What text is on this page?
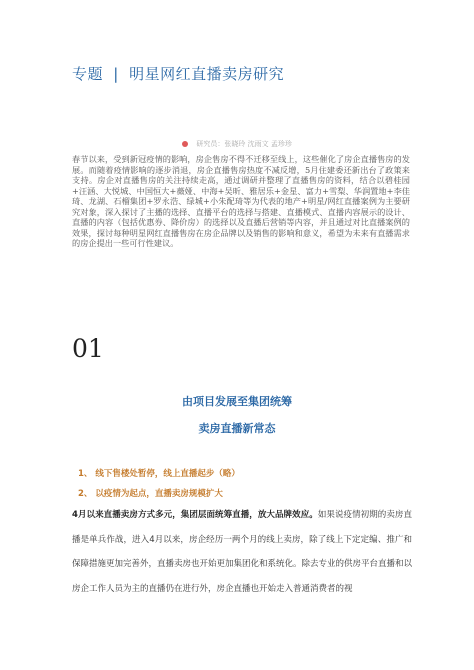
专题 | 明星网红直播卖房研究
研究员：张晓玲 沈雨文 孟珍珍

春节以来，受到新冠疫情的影响，房企售房不得不迁移至线上，这些催化了房企直播售房的发展。而随着疫情影响的逐步消退，房企直播售房热度不减反增，5月住建委还新出台了政策来支持。房企对直播售房的关注持续走高，通过调研并整理了直播售房的资料，结合以碧桂园+汪涵、大悦城、中国恒大+薇娅、中海+吴昕、雅居乐+金星、富力+雪梨、华润置地+李佳琦、龙湖、石榴集团+罗永浩、绿城+小朱配琦等为代表的地产+明星/网红直播案例为主要研究对象，深入探讨了主播的选择、直播平台的选择与搭建、直播模式、直播内容展示的设计、直播的内容（包括优惠券、降价房）的选择以及直播后营销等内容，并且通过对比直播案例的效果，探讨每种明星网红直播售房在房企品牌以及销售的影响和意义，希望为未来有直播需求的房企提出一些可行性建议。

01
由项目发展至集团统筹
卖房直播新常态
1、 线下售楼处暂停，线上直播起步（略）
2、 以疫情为起点，直播卖房规模扩大

4月以来直播卖房方式多元，集团层面统筹直播，放大品牌效应。如果说疫情初期的卖房直播是单兵作战，进入4月以来，房企经历一两个月的线上卖房，除了线上下定定编、推广和保障措施更加完善外，直播卖房也开始更加集团化和系统化。除去专业的供房平台直播和以房企工作人员为主的直播仍在进行外，房企直播也开始走入普通消费者的视
